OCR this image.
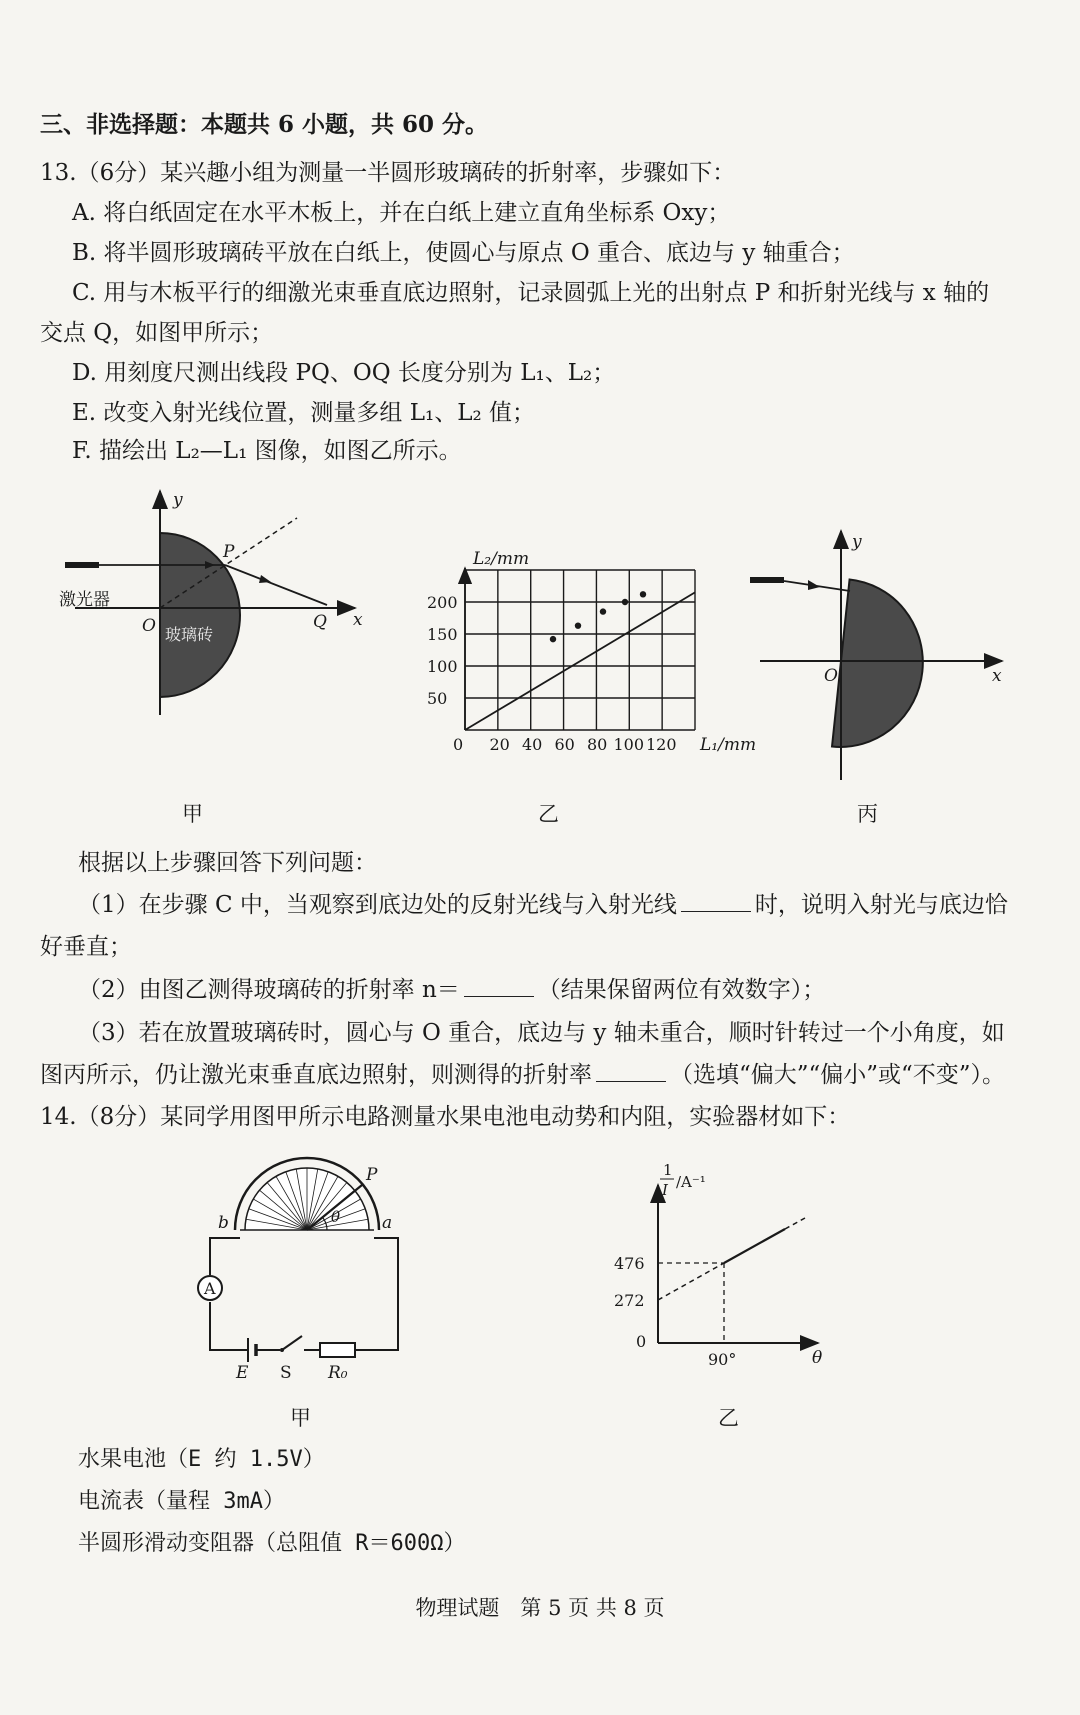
三、非选择题：本题共 6 小题，共 60 分。
13.（6分）某兴趣小组为测量一半圆形玻璃砖的折射率，步骤如下：
A. 将白纸固定在水平木板上，并在白纸上建立直角坐标系 Oxy；
B. 将半圆形玻璃砖平放在白纸上，使圆心与原点 O 重合、底边与 y 轴重合；
C. 用与木板平行的细激光束垂直底边照射，记录圆弧上光的出射点 P 和折射光线与 x 轴的
交点 Q，如图甲所示；
D. 用刻度尺测出线段 PQ、OQ 长度分别为 L₁、L₂；
E. 改变入射光线位置，测量多组 L₁、L₂ 值；
F. 描绘出 L₂—L₁ 图像，如图乙所示。
P
y
x
O	Q
激光器
玻璃砖
甲
0 20 40 60 80 100 120
50
100
150
200
L₂/mm
L₁/mm
乙
y
x
O
丙
根据以上步骤回答下列问题：
（1）在步骤 C 中，当观察到底边处的反射光线与入射光线	时，说明入射光与底边恰
好垂直；
（2）由图乙测得玻璃砖的折射率 n＝	（结果保留两位有效数字）；
（3）若在放置玻璃砖时，圆心与 O 重合，底边与 y 轴未重合，顺时针转过一个小角度，如
图丙所示，仍让激光束垂直底边照射，则测得的折射率	（选填“偏大”“偏小”或“不变”）。
14.（8分）某同学用图甲所示电路测量水果电池电动势和内阻，实验器材如下：
A
P
a
b	θ
E S R₀
甲
1
I /A⁻¹
476
272
0
90°	θ
乙
水果电池（E 约 1.5V）
电流表（量程 3mA）
半圆形滑动变阻器（总阻值 R＝600Ω）
物理试题　第 5 页 共 8 页
